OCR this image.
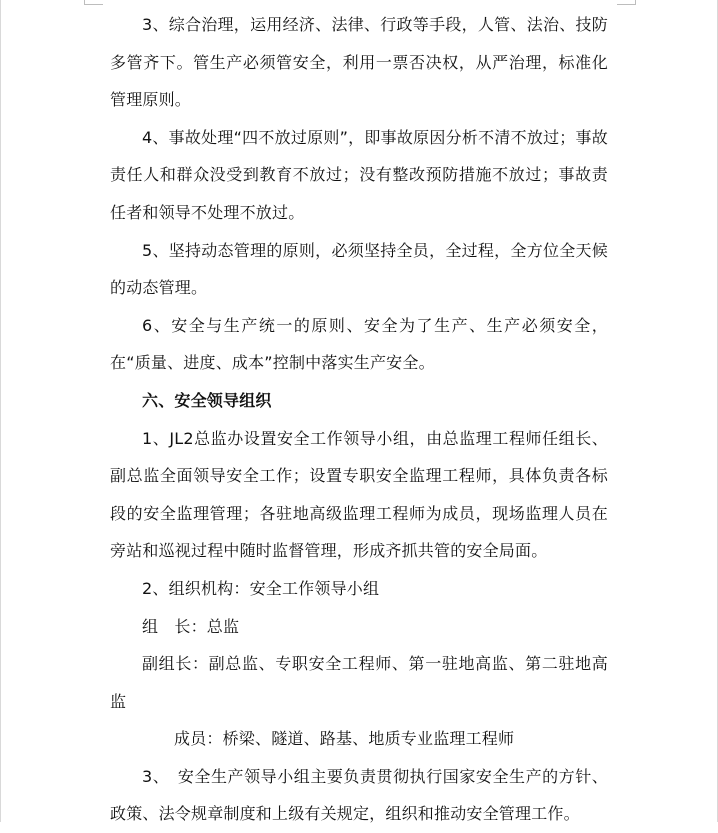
3、综合治理，运用经济、法律、行政等手段，人管、法治、技防多管齐下。管生产必须管安全，利用一票否决权，从严治理，标准化管理原则。

4、事故处理“四不放过原则”，即事故原因分析不清不放过；事故责任人和群众没受到教育不放过；没有整改预防措施不放过；事故责任者和领导不处理不放过。

5、坚持动态管理的原则，必须坚持全员，全过程，全方位全天候的动态管理。

6、安全与生产统一的原则、安全为了生产、生产必须安全，在“质量、进度、成本”控制中落实生产安全。

六、安全领导组织

1、JL2总监办设置安全工作领导小组，由总监理工程师任组长、副总监全面领导安全工作；设置专职安全监理工程师，具体负责各标段的安全监理管理；各驻地高级监理工程师为成员，现场监理人员在旁站和巡视过程中随时监督管理，形成齐抓共管的安全局面。

2、组织机构：安全工作领导小组

组　长：总监

副组长：副总监、专职安全工程师、第一驻地高监、第二驻地高监

成员：桥梁、隧道、路基、地质专业监理工程师

3、　安全生产领导小组主要负责贯彻执行国家安全生产的方针、政策、法令规章制度和上级有关规定，组织和推动安全管理工作。
